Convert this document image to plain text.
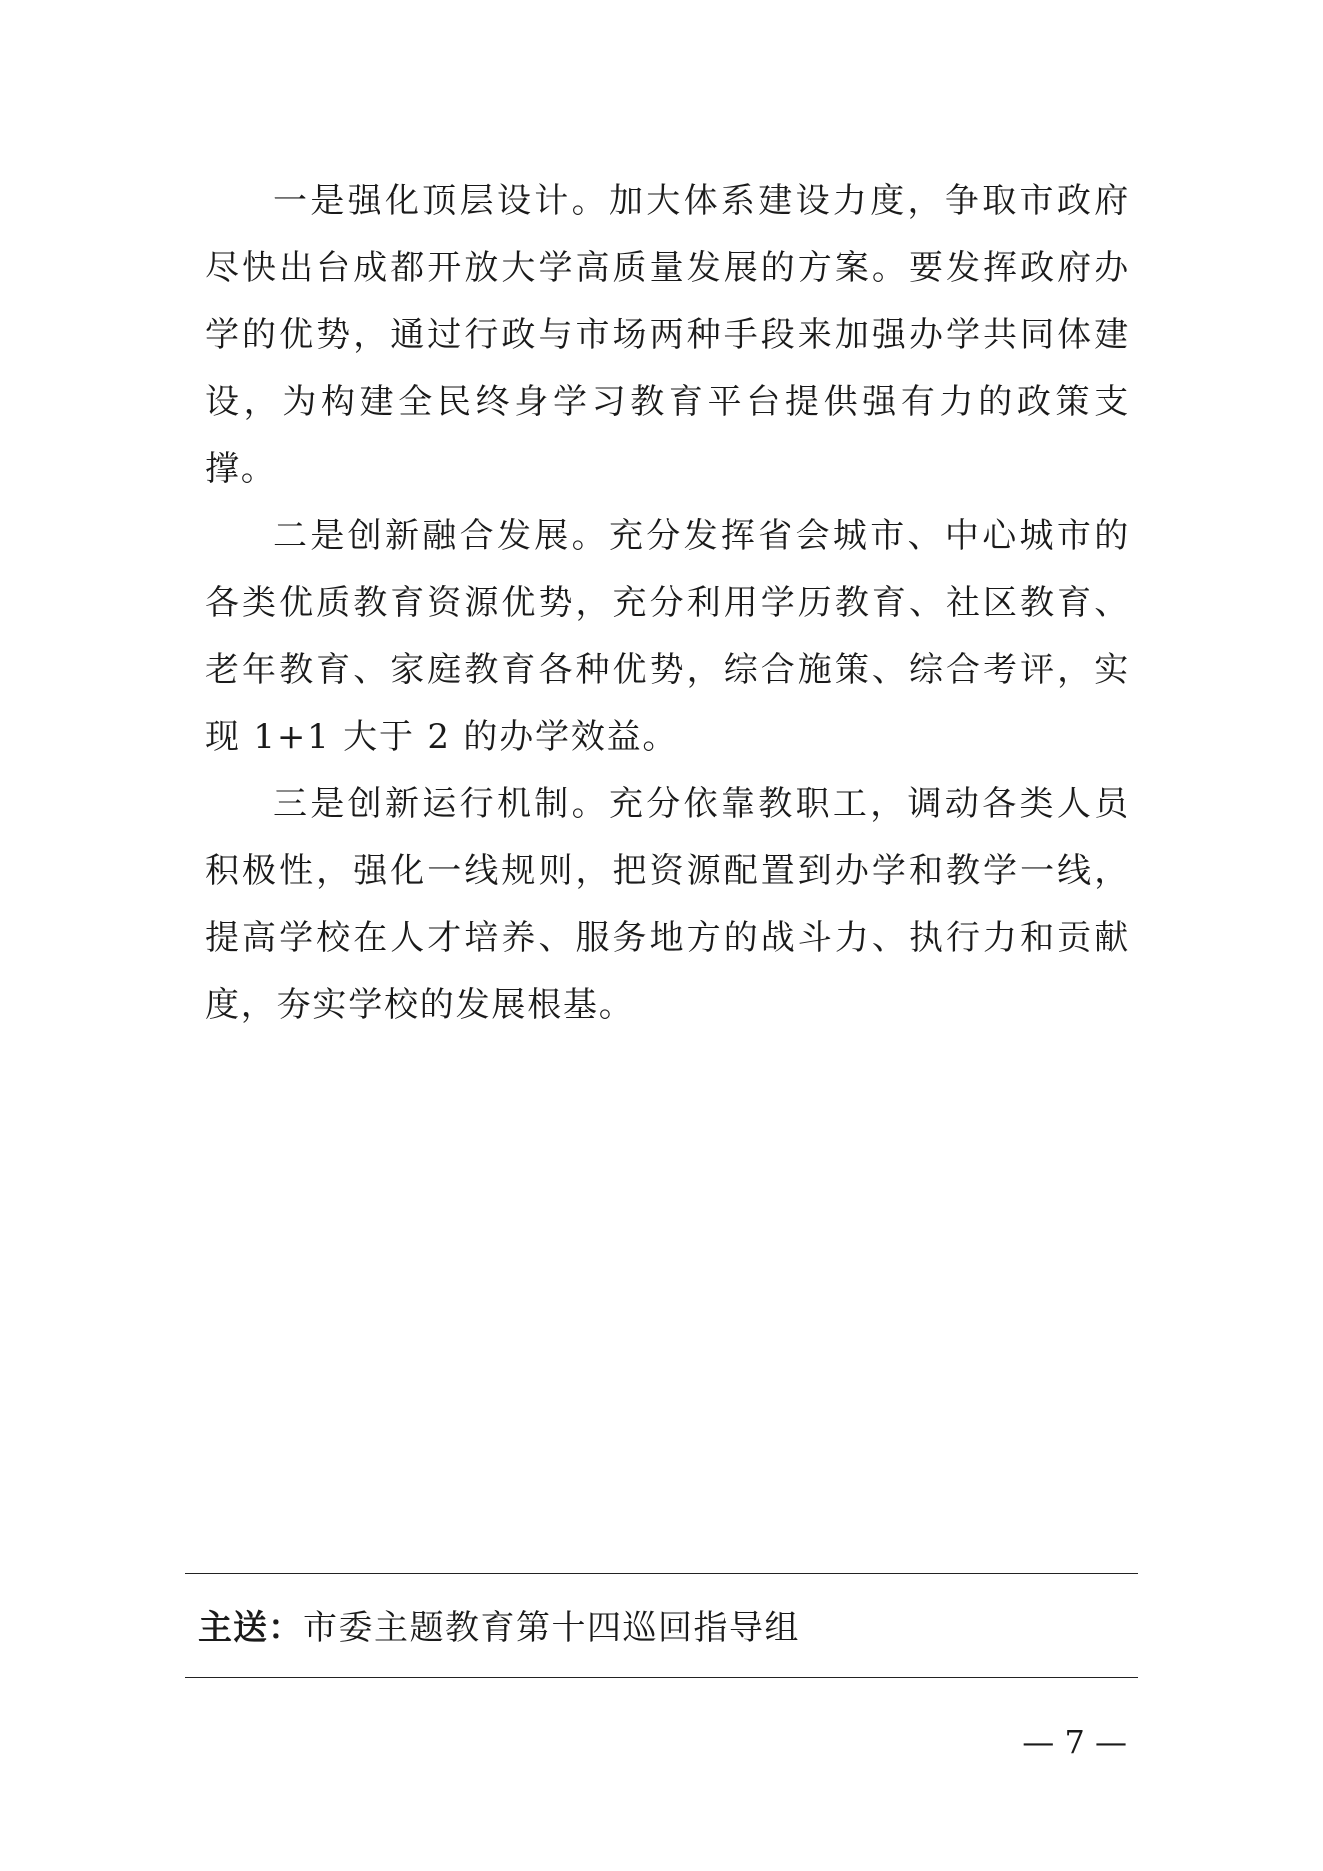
一是强化顶层设计。加大体系建设力度，争取市政府尽快出台成都开放大学高质量发展的方案。要发挥政府办学的优势，通过行政与市场两种手段来加强办学共同体建设，为构建全民终身学习教育平台提供强有力的政策支撑。

二是创新融合发展。充分发挥省会城市、中心城市的各类优质教育资源优势，充分利用学历教育、社区教育、老年教育、家庭教育各种优势，综合施策、综合考评，实现 1+1 大于 2 的办学效益。

三是创新运行机制。充分依靠教职工，调动各类人员积极性，强化一线规则，把资源配置到办学和教学一线，提高学校在人才培养、服务地方的战斗力、执行力和贡献度，夯实学校的发展根基。

主送：市委主题教育第十四巡回指导组
— 7 —
